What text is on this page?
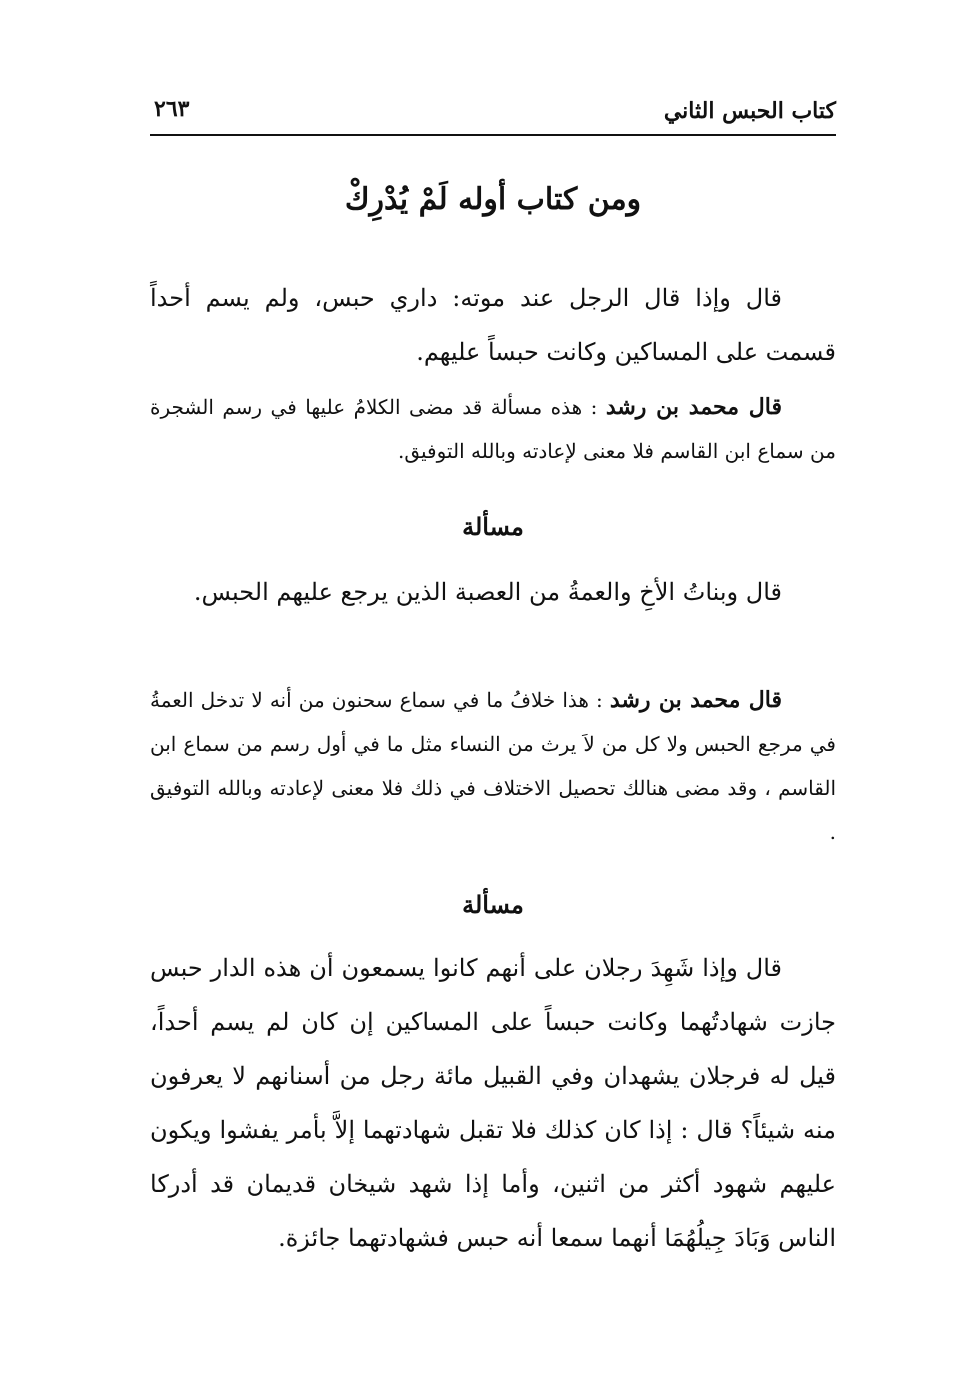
كتاب الحبس الثاني
٢٦٣
ومن كتاب أوله لَمْ يُدْرِكْ

قال وإذا قال الرجل عند موته: داري حبس، ولم يسم أحداً قسمت على المساكين وكانت حبساً عليهم.

قال محمد بن رشد : هذه مسألة قد مضى الكلامُ عليها في رسم الشجرة من سماع ابن القاسم فلا معنى لإعادته وبالله التوفيق.

مسألة

قال وبناتُ الأخِ والعمةُ من العصبة الذين يرجع عليهم الحبس.

قال محمد بن رشد : هذا خلافُ ما في سماع سحنون من أنه لا تدخل العمةُ في مرجع الحبس ولا كل من لاَ يرث من النساء مثل ما في أول رسم من سماع ابن القاسم ، وقد مضى هنالك تحصيل الاختلاف في ذلك فلا معنى لإعادته وبالله التوفيق .

مسألة

قال وإذا شَهِدَ رجلان على أنهم كانوا يسمعون أن هذه الدار حبس جازت شهادتُهما وكانت حبساً على المساكين إن كان لم يسم أحداً، قيل له فرجلان يشهدان وفي القبيل مائة رجل من أسنانهم لا يعرفون منه شيئاً؟ قال : إذا كان كذلك فلا تقبل شهادتهما إلاَّ بأمر يفشوا ويكون عليهم شهود أكثر من اثنين، وأما إذا شهد شيخان قديمان قد أدركا الناس وَبَادَ جِيلُهُمَا أنهما سمعا أنه حبس فشهادتهما جائزة.
